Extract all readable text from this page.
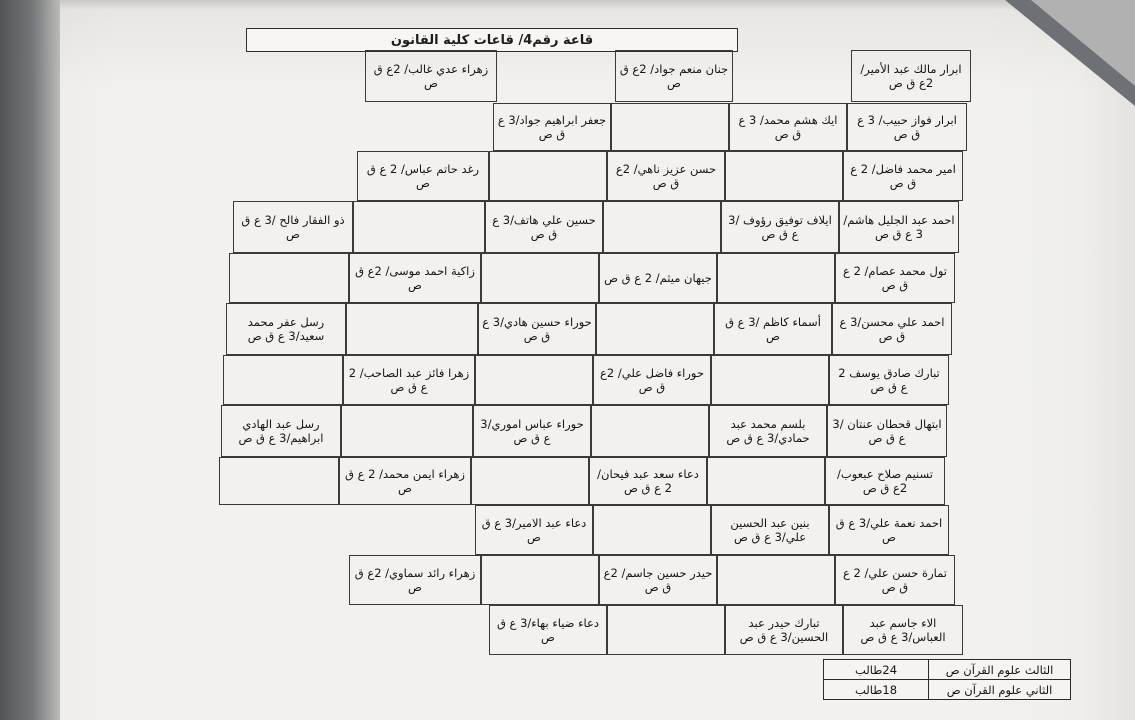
قاعة رقم4/ قاعات كلية القانون
زهراء عدي غالب/ 2ع ق ص
جنان منعم جواد/ 2ع ق ص
ابرار مالك عبد الأمير/ 2ع ق ص
جعفر ابراهيم جواد/3 ع ق ص
ايك هشم محمد/ 3 ع ق ص
ابرار فواز حبيب/ 3 ع ق ص
رغد حاتم عباس/ 2 ع ق ص
حسن عزيز ناهي/ 2ع ق ص
امير محمد فاضل/ 2 ع ق ص
ذو الفقار فالح /3 ع ق ص
حسين علي هاتف/3 ع ق ص
ايلاف توفيق رؤوف /3 ع ق ص
احمد عبد الجليل هاشم/ 3 ع ق ص
زاكية احمد موسى/ 2ع ق ص
جيهان ميثم/ 2 ع ق ص
تول محمد عصام/ 2 ع ق ص
رسل عفر محمد سعيد/3 ع ق ص
حوراء حسين هادي/3 ع ق ص
أسماء كاظم /3 ع ق ص
احمد علي محسن/3 ع ق ص
زهرا فائز عبد الصاحب/ 2 ع ق ص
حوراء فاضل علي/ 2ع ق ص
تبارك صادق يوسف 2 ع ق ص
رسل عبد الهادي ابراهيم/3 ع ق ص
حوراء عباس اموري/3 ع ق ص
بلسم محمد عبد حمادي/3 ع ق ص
ابتهال قحطان عنتان /3 ع ق ص
زهراء ايمن محمد/ 2 ع ق ص
دعاء سعد عبد فيحان/ 2 ع ق ص
تسنيم صلاح عبعوب/ 2ع ق ص
دعاء عبد الامير/3 ع ق ص
بنين عبد الحسين علي/3 ع ق ص
احمد نعمة علي/3 ع ق ص
زهراء رائد سماوي/ 2ع ق ص
حيدر حسين جاسم/ 2ع ق ص
تمارة حسن علي/ 2 ع ق ص
دعاء ضياء بهاء/3 ع ق ص
تبارك حيدر عبد الحسين/3 ع ق ص
الاء جاسم عبد العباس/3 ع ق ص
الثالث علوم القرآن ص
24طالب
الثاني علوم القرآن ص
18طالب
